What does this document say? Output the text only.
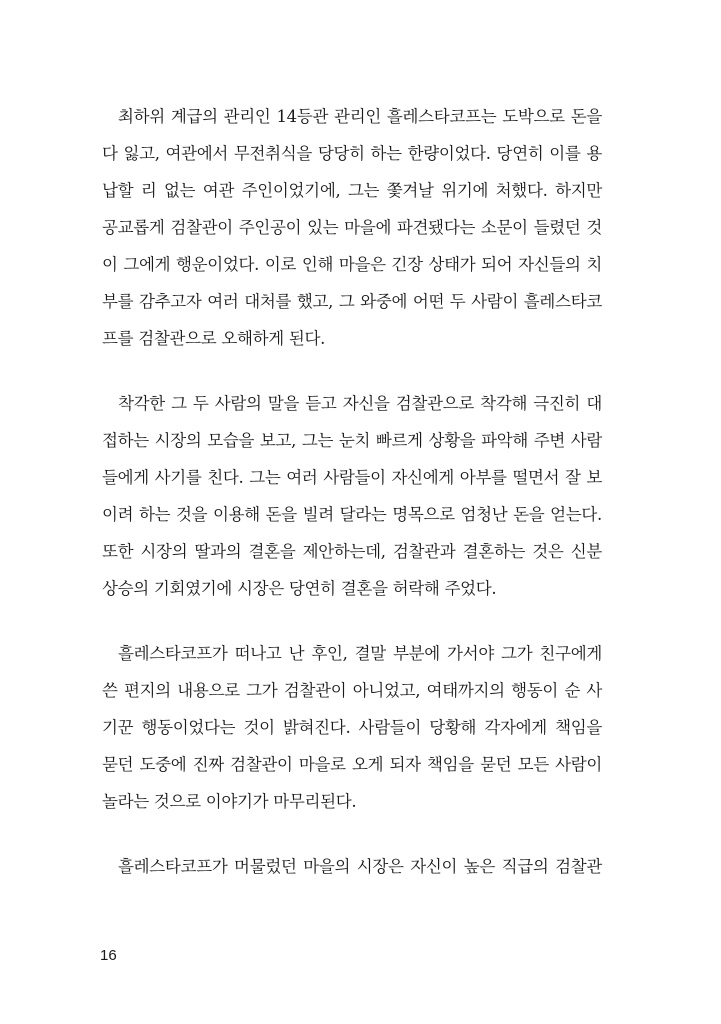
최하위 계급의 관리인 14등관 관리인 흘레스타코프는 도박으로 돈을
다 잃고, 여관에서 무전취식을 당당히 하는 한량이었다. 당연히 이를 용
납할 리 없는 여관 주인이었기에, 그는 쫓겨날 위기에 처했다. 하지만
공교롭게 검찰관이 주인공이 있는 마을에 파견됐다는 소문이 들렸던 것
이 그에게 행운이었다. 이로 인해 마을은 긴장 상태가 되어 자신들의 치
부를 감추고자 여러 대처를 했고, 그 와중에 어떤 두 사람이 흘레스타코
프를 검찰관으로 오해하게 된다.
착각한 그 두 사람의 말을 듣고 자신을 검찰관으로 착각해 극진히 대
접하는 시장의 모습을 보고, 그는 눈치 빠르게 상황을 파악해 주변 사람
들에게 사기를 친다. 그는 여러 사람들이 자신에게 아부를 떨면서 잘 보
이려 하는 것을 이용해 돈을 빌려 달라는 명목으로 엄청난 돈을 얻는다.
또한 시장의 딸과의 결혼을 제안하는데, 검찰관과 결혼하는 것은 신분
상승의 기회였기에 시장은 당연히 결혼을 허락해 주었다.
흘레스타코프가 떠나고 난 후인, 결말 부분에 가서야 그가 친구에게
쓴 편지의 내용으로 그가 검찰관이 아니었고, 여태까지의 행동이 순 사
기꾼 행동이었다는 것이 밝혀진다. 사람들이 당황해 각자에게 책임을
묻던 도중에 진짜 검찰관이 마을로 오게 되자 책임을 묻던 모든 사람이
놀라는 것으로 이야기가 마무리된다.
흘레스타코프가 머물렀던 마을의 시장은 자신이 높은 직급의 검찰관
16
